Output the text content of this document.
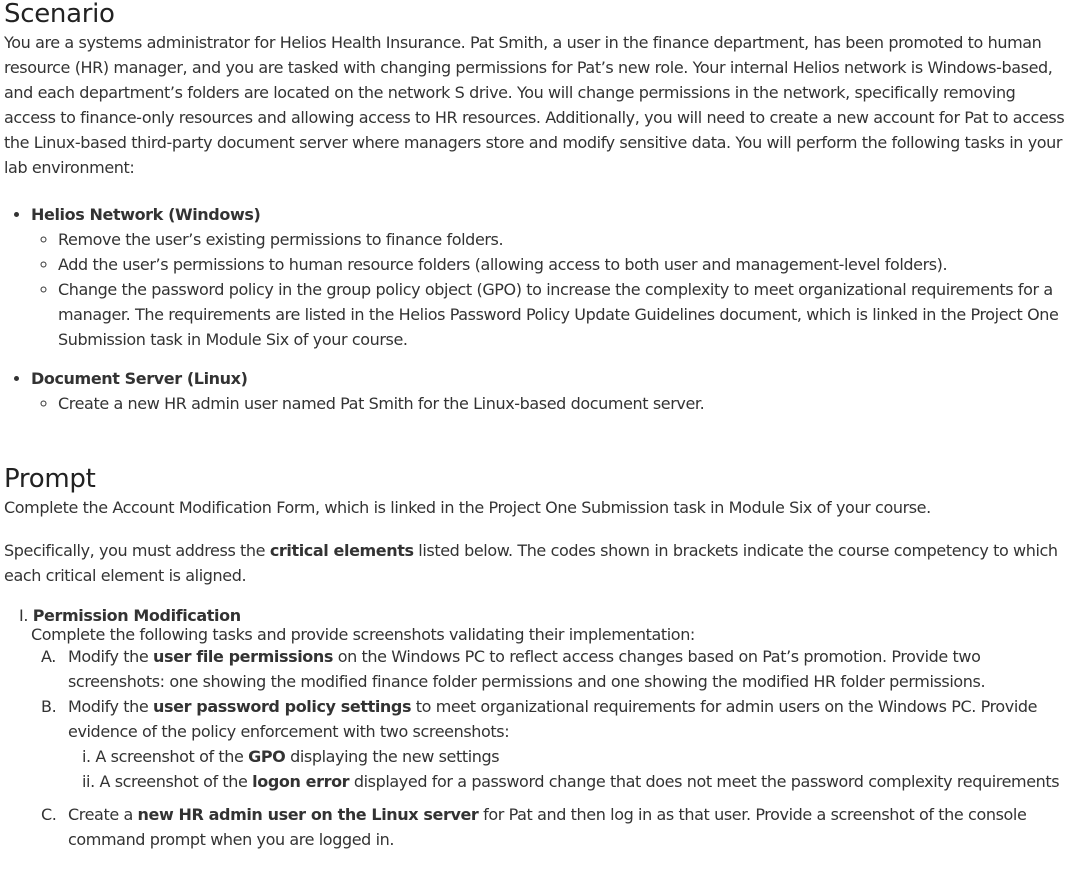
Scenario

You are a systems administrator for Helios Health Insurance. Pat Smith, a user in the finance department, has been promoted to human resource (HR) manager, and you are tasked with changing permissions for Pat’s new role. Your internal Helios network is Windows-based, and each department’s folders are located on the network S drive. You will change permissions in the network, specifically removing access to finance-only resources and allowing access to HR resources. Additionally, you will need to create a new account for Pat to access the Linux-based third-party document server where managers store and modify sensitive data. You will perform the following tasks in your lab environment:

• Helios Network (Windows)
◦ Remove the user’s existing permissions to finance folders.
◦ Add the user’s permissions to human resource folders (allowing access to both user and management-level folders).
◦ Change the password policy in the group policy object (GPO) to increase the complexity to meet organizational requirements for a manager. The requirements are listed in the Helios Password Policy Update Guidelines document, which is linked in the Project One Submission task in Module Six of your course.
• Document Server (Linux)
◦ Create a new HR admin user named Pat Smith for the Linux-based document server.
Prompt

Complete the Account Modification Form, which is linked in the Project One Submission task in Module Six of your course.

Specifically, you must address the critical elements listed below. The codes shown in brackets indicate the course competency to which each critical element is aligned.

I. Permission Modification
Complete the following tasks and provide screenshots validating their implementation:
A. Modify the user file permissions on the Windows PC to reflect access changes based on Pat’s promotion. Provide two screenshots: one showing the modified finance folder permissions and one showing the modified HR folder permissions.
B. Modify the user password policy settings to meet organizational requirements for admin users on the Windows PC. Provide evidence of the policy enforcement with two screenshots:
i. A screenshot of the GPO displaying the new settings
ii. A screenshot of the logon error displayed for a password change that does not meet the password complexity requirements
C. Create a new HR admin user on the Linux server for Pat and then log in as that user. Provide a screenshot of the console command prompt when you are logged in.
